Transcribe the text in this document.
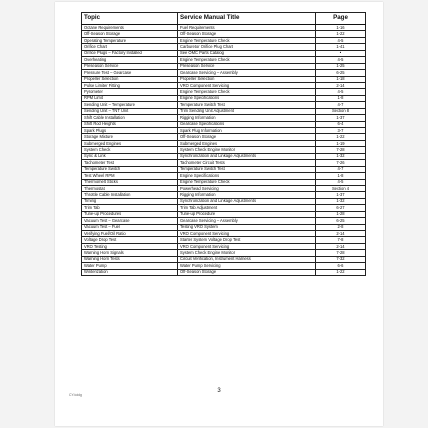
Topic	Service Manual Title	Page
Octane Requirements	Fuel Requirements	1-16
Off-Season Storage	Off-Season Storage	1-22
Operating Temperature	Engine Temperature Check	4-5
Orifice Chart	Carburetor Orifice Plug Chart	1-41
Orifice Plugs – Factory Installed	See OMC Parts Catalog	•
Overheating	Engine Temperature Check	4-5
Preseason Service	Preseason Service	1-25
Pressure Test – Gearcase	Gearcase Servicing – Assembly	6-25
Propeller Selection	Propeller Selection	1-18
Pulse Limiter Fitting	VRO Component Servicing	2-14
Pyrometer	Engine Temperature Check	4-5
RPM Limit	Engine Specifications	1-8
Sending Unit – Temperature	Temperature Switch Test	4-7
Sending Unit – TNT Unit	Trim Sending Unit Adjustment	Section 8
Shift Cable Installation	Rigging Information	1-37
Shift Rod Heights	Gearcase Specifications	6-4
Spark Plugs	Spark Plug Information	3-7
Storage Mixture	Off-Season Storage	1-22
Submerged Engines	Submerged Engines	1-19
System Check	System Check Engine Monitor	7-28
Sync & Link	Synchronization and Linkage Adjustments	1-32
Tachometer Test	Tachometer Circuit Tests	7-26
Temperature Switch	Temperature Switch Test	4-7
Test Wheel RPM	Engine Specifications	1-8
Thermomelt Sticks	Engine Temperature Check	4-5
Thermostat	Powerhead Servicing	Section 4
Throttle Cable Installation	Rigging Information	1-37
Timing	Synchronization and Linkage Adjustments	1-32
Trim Tab	Trim Tab Adjustment	6-27
Tune-up Procedures	Tune-up Procedure	1-28
Vacuum Test – Gearcase	Gearcase Servicing – Assembly	6-25
Vacuum Test – Fuel	Testing VRO System	2-8
Verifying Fuel/Oil Ratio	VRO Component Servicing	2-14
Voltage Drop Test	Starter System Voltage Drop Test	7-8
VRO Testing	VRO Component Servicing	2-14
Warning Horn Signals	System Check Engine Monitor	7-28
Warning Horn Tests	Circuit Verification, Instrument Harness	7-32
Water Pump	Water Pump Servicing	6-6
Winterization	Off-Season Storage	1-22
CY-toidg
3
